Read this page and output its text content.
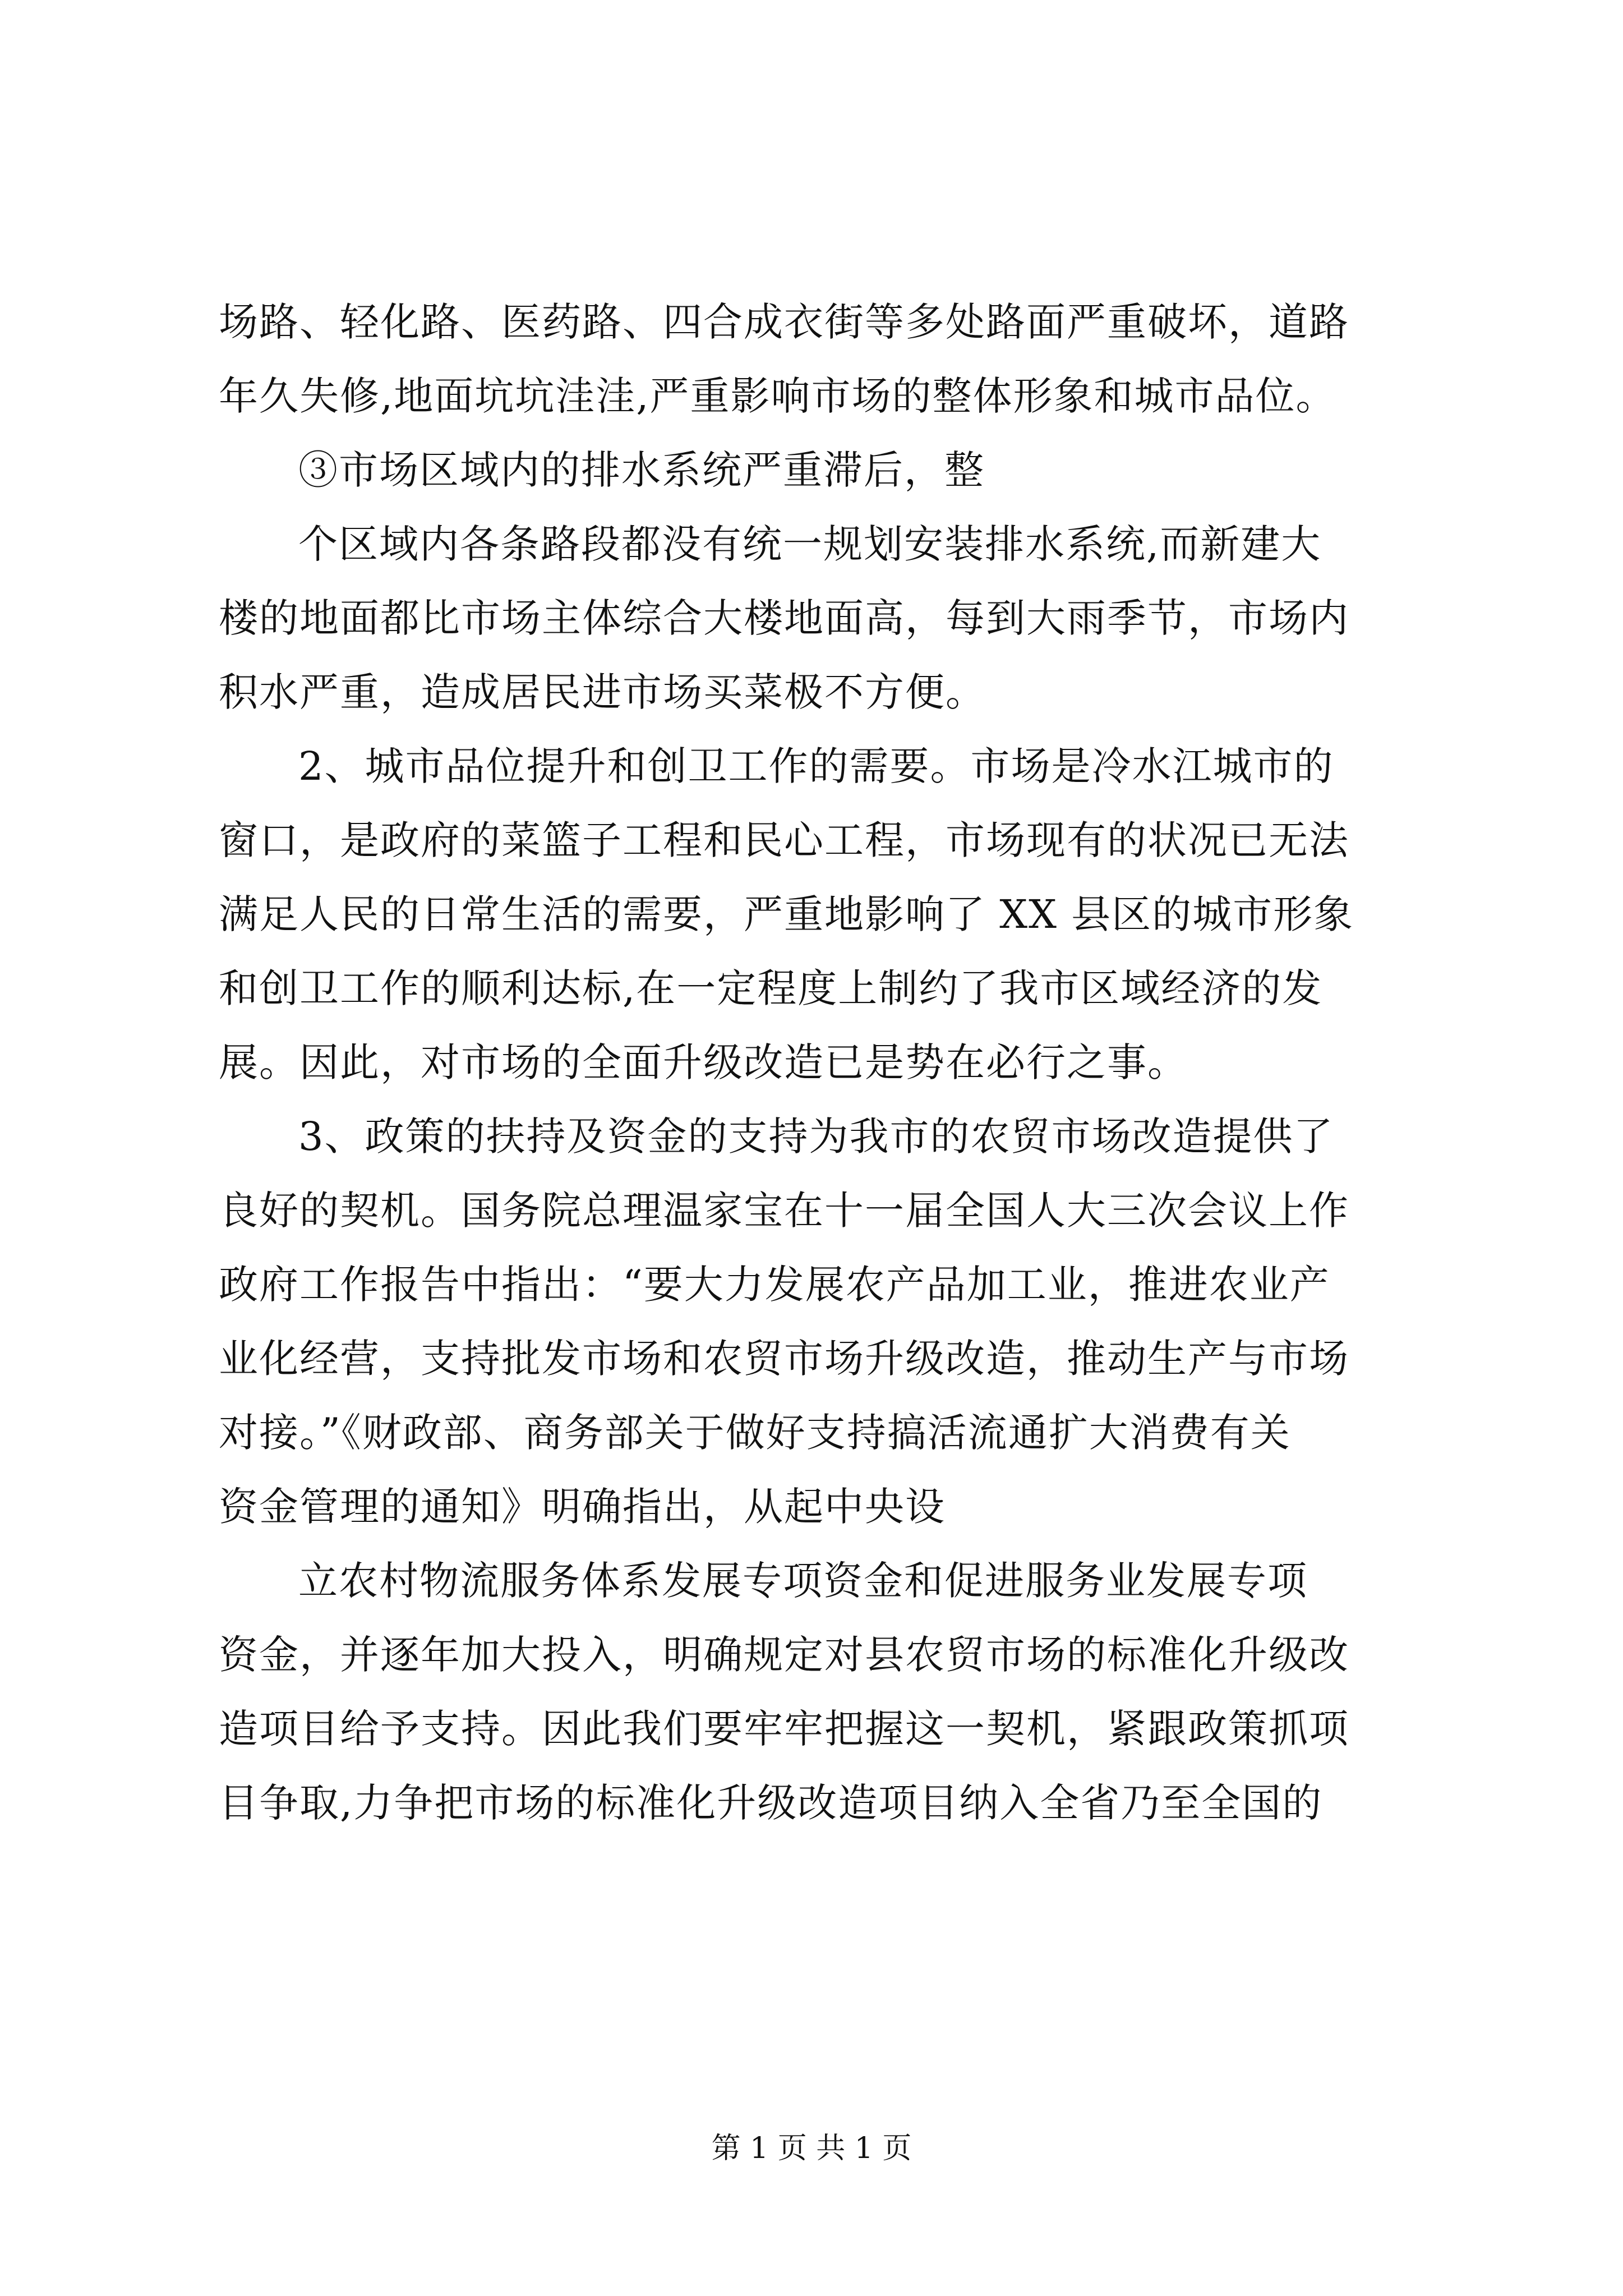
场路、轻化路、医药路、四合成衣街等多处路面严重破坏，道路
年久失修,地面坑坑洼洼,严重影响市场的整体形象和城市品位。
③市场区域内的排水系统严重滞后，整
个区域内各条路段都没有统一规划安装排水系统,而新建大
楼的地面都比市场主体综合大楼地面高，每到大雨季节，市场内
积水严重，造成居民进市场买菜极不方便。
2、城市品位提升和创卫工作的需要。市场是冷水江城市的
窗口，是政府的菜篮子工程和民心工程，市场现有的状况已无法
满足人民的日常生活的需要，严重地影响了 XX 县区的城市形象
和创卫工作的顺利达标,在一定程度上制约了我市区域经济的发
展。因此，对市场的全面升级改造已是势在必行之事。
3、政策的扶持及资金的支持为我市的农贸市场改造提供了
良好的契机。国务院总理温家宝在十一届全国人大三次会议上作
政府工作报告中指出：“要大力发展农产品加工业，推进农业产
业化经营，支持批发市场和农贸市场升级改造，推动生产与市场
对接。”《财政部、商务部关于做好支持搞活流通扩大消费有关
资金管理的通知》明确指出，从起中央设
立农村物流服务体系发展专项资金和促进服务业发展专项
资金，并逐年加大投入，明确规定对县农贸市场的标准化升级改
造项目给予支持。因此我们要牢牢把握这一契机，紧跟政策抓项
目争取,力争把市场的标准化升级改造项目纳入全省乃至全国的
第 1 页 共 1 页
